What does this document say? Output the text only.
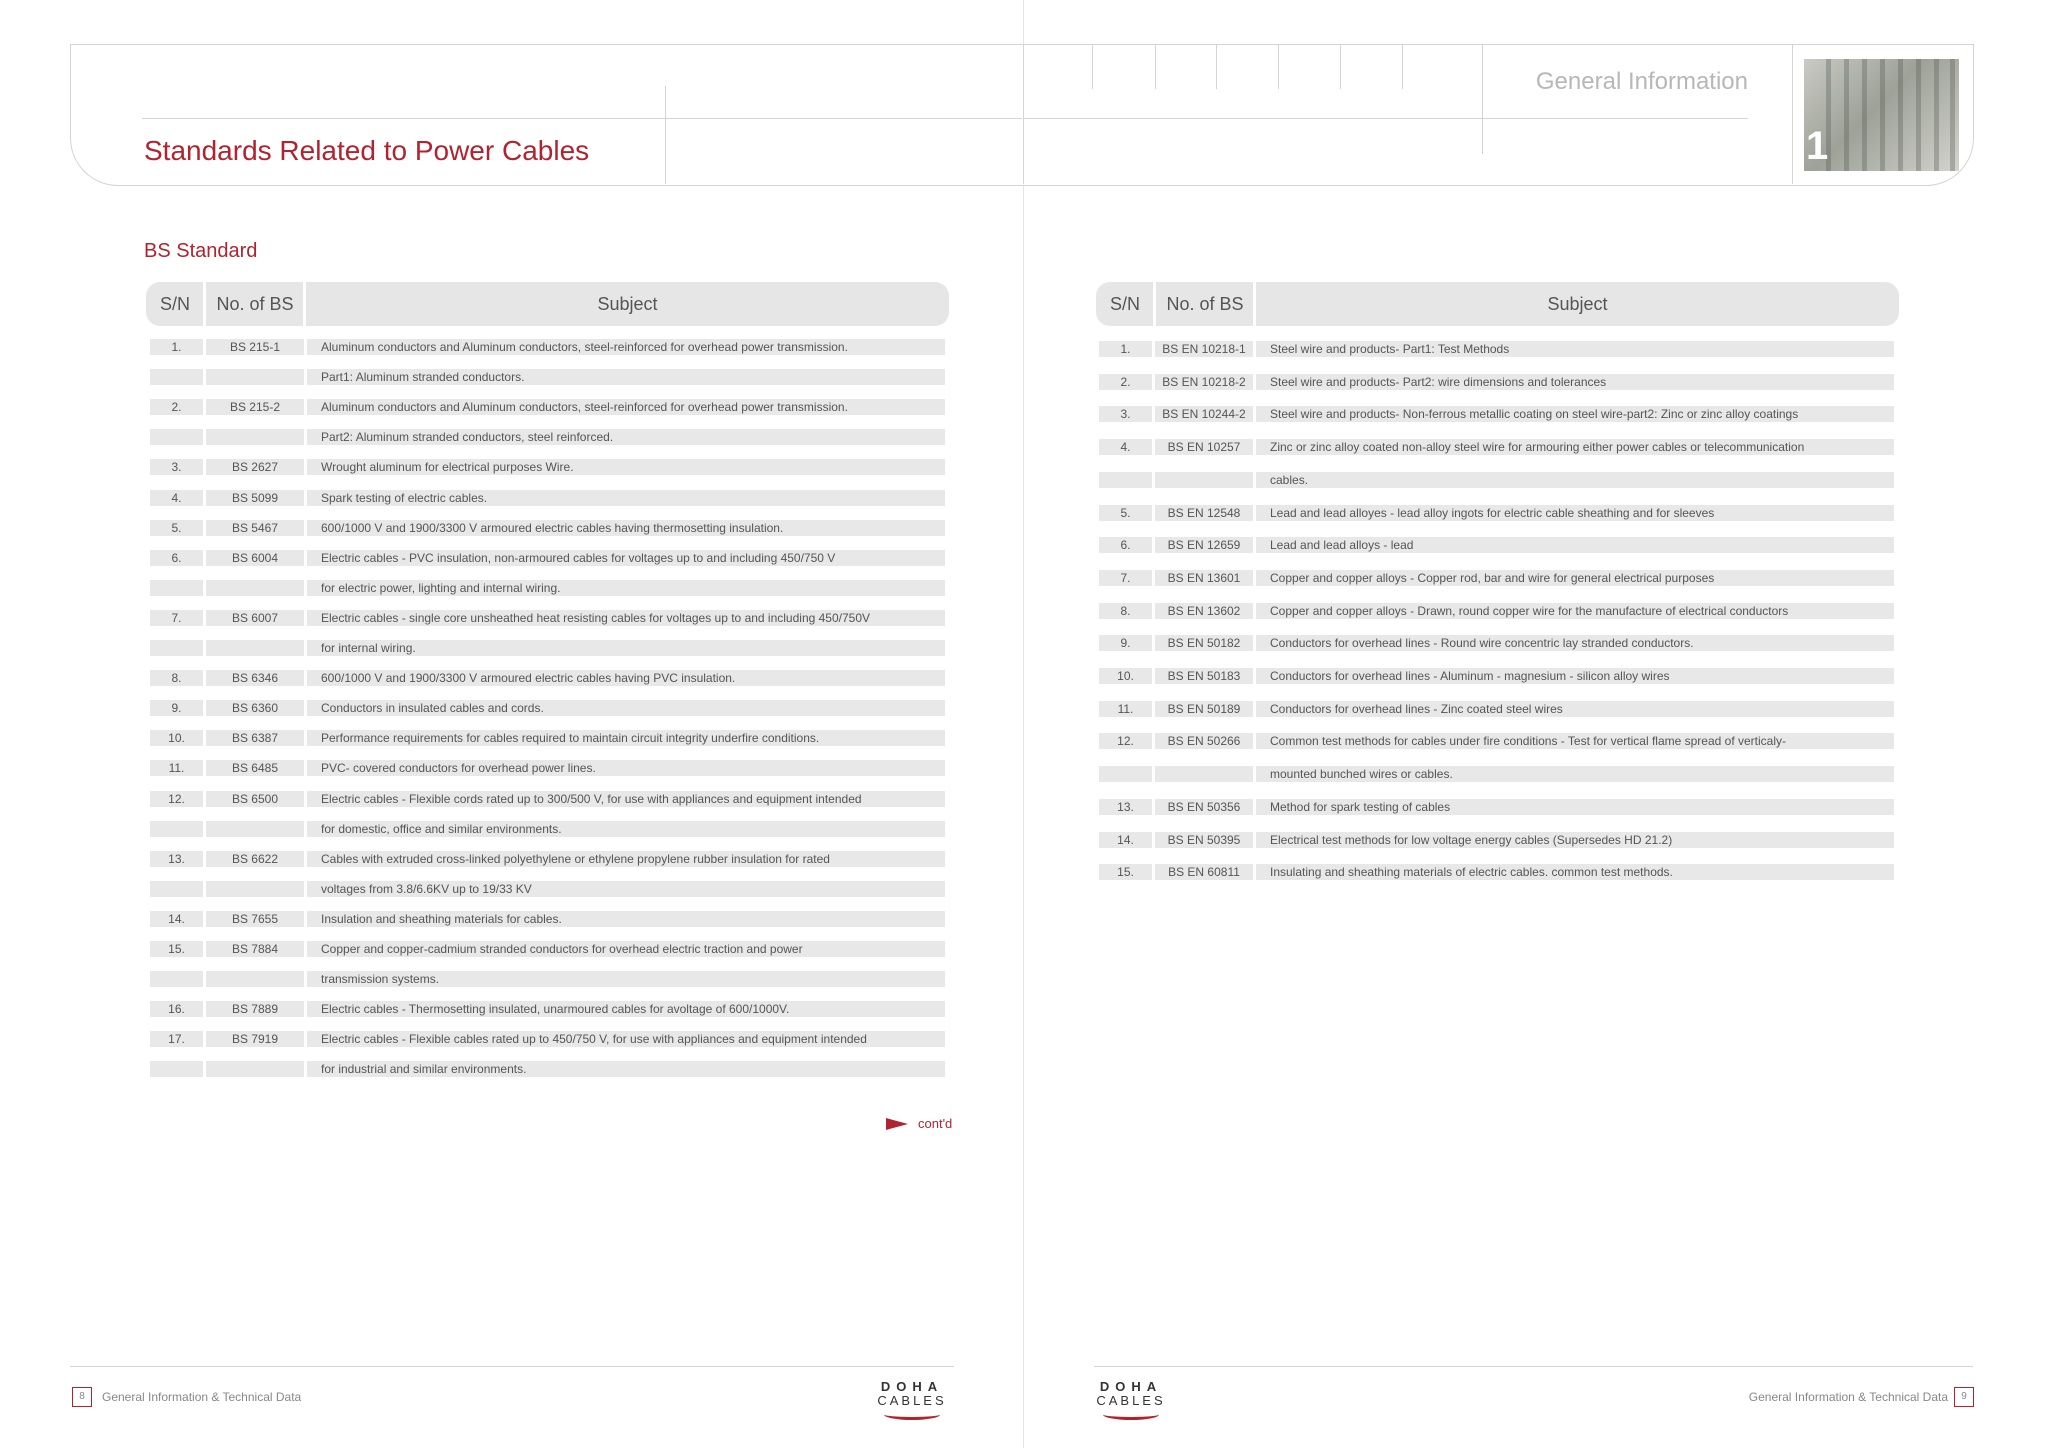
Standards Related to Power Cables
General Information
1
BS Standard
S/N	No. of BS	Subject
1.	BS 215-1	Aluminum conductors and Aluminum conductors, steel-reinforced for overhead power transmission.
Part1: Aluminum stranded conductors.
2.	BS 215-2	Aluminum conductors and Aluminum conductors, steel-reinforced for overhead power transmission.
Part2: Aluminum stranded conductors, steel reinforced.
3.	BS 2627	Wrought aluminum for electrical purposes Wire.
4.	BS 5099	Spark testing of electric cables.
5.	BS 5467	600/1000 V and 1900/3300 V armoured electric cables having thermosetting insulation.
6.	BS 6004	Electric cables - PVC insulation, non-armoured cables for voltages up to and including 450/750 V
for electric power, lighting and internal wiring.
7.	BS 6007	Electric cables - single core unsheathed heat resisting cables for voltages up to and including 450/750V
for internal wiring.
8.	BS 6346	600/1000 V and 1900/3300 V armoured electric cables having PVC insulation.
9.	BS 6360	Conductors in insulated cables and cords.
10.	BS 6387	Performance requirements for cables required to maintain circuit integrity underfire conditions.
11.	BS 6485	PVC- covered conductors for overhead power lines.
12.	BS 6500	Electric cables - Flexible cords rated up to 300/500 V, for use with appliances and equipment intended
for domestic, office and similar environments.
13.	BS 6622	Cables with extruded cross-linked polyethylene or ethylene propylene rubber insulation for rated
voltages from 3.8/6.6KV up to 19/33 KV
14.	BS 7655	Insulation and sheathing materials for cables.
15.	BS 7884	Copper and copper-cadmium stranded conductors for overhead electric traction and power
transmission systems.
16.	BS 7889	Electric cables - Thermosetting insulated, unarmoured cables for avoltage of 600/1000V.
17.	BS 7919	Electric cables - Flexible cables rated up to 450/750 V, for use with appliances and equipment intended
for industrial and similar environments.
S/N	No. of BS	Subject
1.	BS EN 10218-1	Steel wire and products- Part1: Test Methods
2.	BS EN 10218-2	Steel wire and products- Part2: wire dimensions and tolerances
3.	BS EN 10244-2	Steel wire and products- Non-ferrous metallic coating on steel wire-part2: Zinc or zinc alloy coatings
4.	BS EN 10257	Zinc or zinc alloy coated non-alloy steel wire for armouring either power cables or telecommunication
cables.
5.	BS EN 12548	Lead and lead alloyes - lead alloy ingots for electric cable sheathing and for sleeves
6.	BS EN 12659	Lead and lead alloys - lead
7.	BS EN 13601	Copper and copper alloys - Copper rod, bar and wire for general electrical purposes
8.	BS EN 13602	Copper and copper alloys - Drawn, round copper wire for the manufacture of electrical conductors
9.	BS EN 50182	Conductors for overhead lines - Round wire concentric lay stranded conductors.
10.	BS EN 50183	Conductors for overhead lines - Aluminum - magnesium - silicon alloy wires
11.	BS EN 50189	Conductors for overhead lines - Zinc coated steel wires
12.	BS EN 50266	Common test methods for cables under fire conditions - Test for vertical flame spread of verticaly-
mounted bunched wires or cables.
13.	BS EN 50356	Method for spark testing of cables
14.	BS EN 50395	Electrical test methods for low voltage energy cables (Supersedes HD 21.2)
15.	BS EN 60811	Insulating and sheathing materials of electric cables. common test methods.
cont'd
8	General Information & Technical Data
DOHA
CABLES
DOHA
CABLES	General Information & Technical Data	9
